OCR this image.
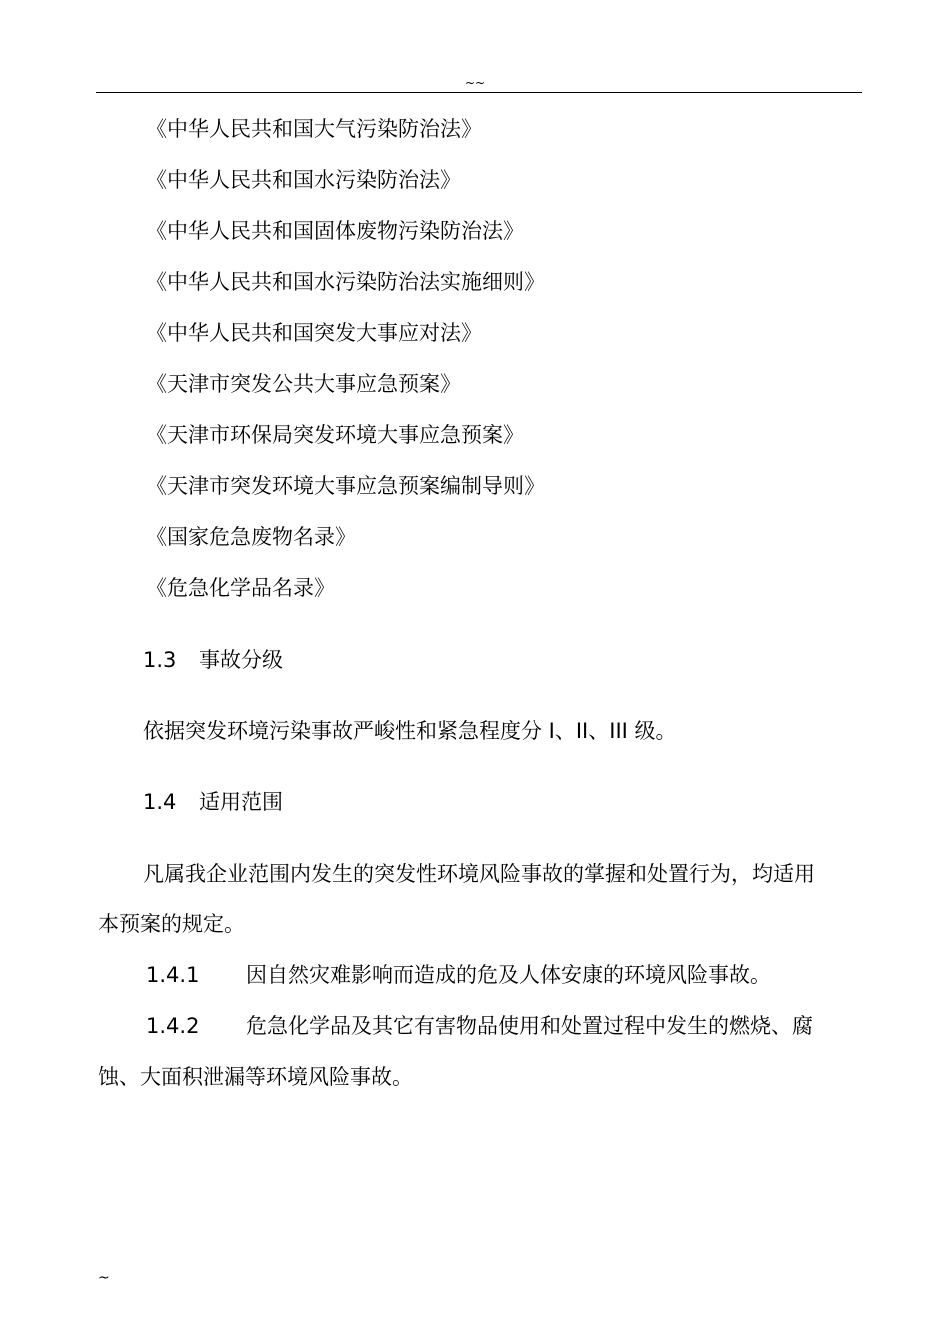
~~
《中华人民共和国大气污染防治法》
《中华人民共和国水污染防治法》
《中华人民共和国固体废物污染防治法》
《中华人民共和国水污染防治法实施细则》
《中华人民共和国突发大事应对法》
《天津市突发公共大事应急预案》
《天津市环保局突发环境大事应急预案》
《天津市突发环境大事应急预案编制导则》
《国家危急废物名录》
《危急化学品名录》
1.3 事故分级
依据突发环境污染事故严峻性和紧急程度分 I、II、III 级。
1.4 适用范围
凡属我企业范围内发生的突发性环境风险事故的掌握和处置行为，均适用
本预案的规定。
1.4.1 因自然灾难影响而造成的危及人体安康的环境风险事故。
1.4.2 危急化学品及其它有害物品使用和处置过程中发生的燃烧、腐
蚀、大面积泄漏等环境风险事故。
~
